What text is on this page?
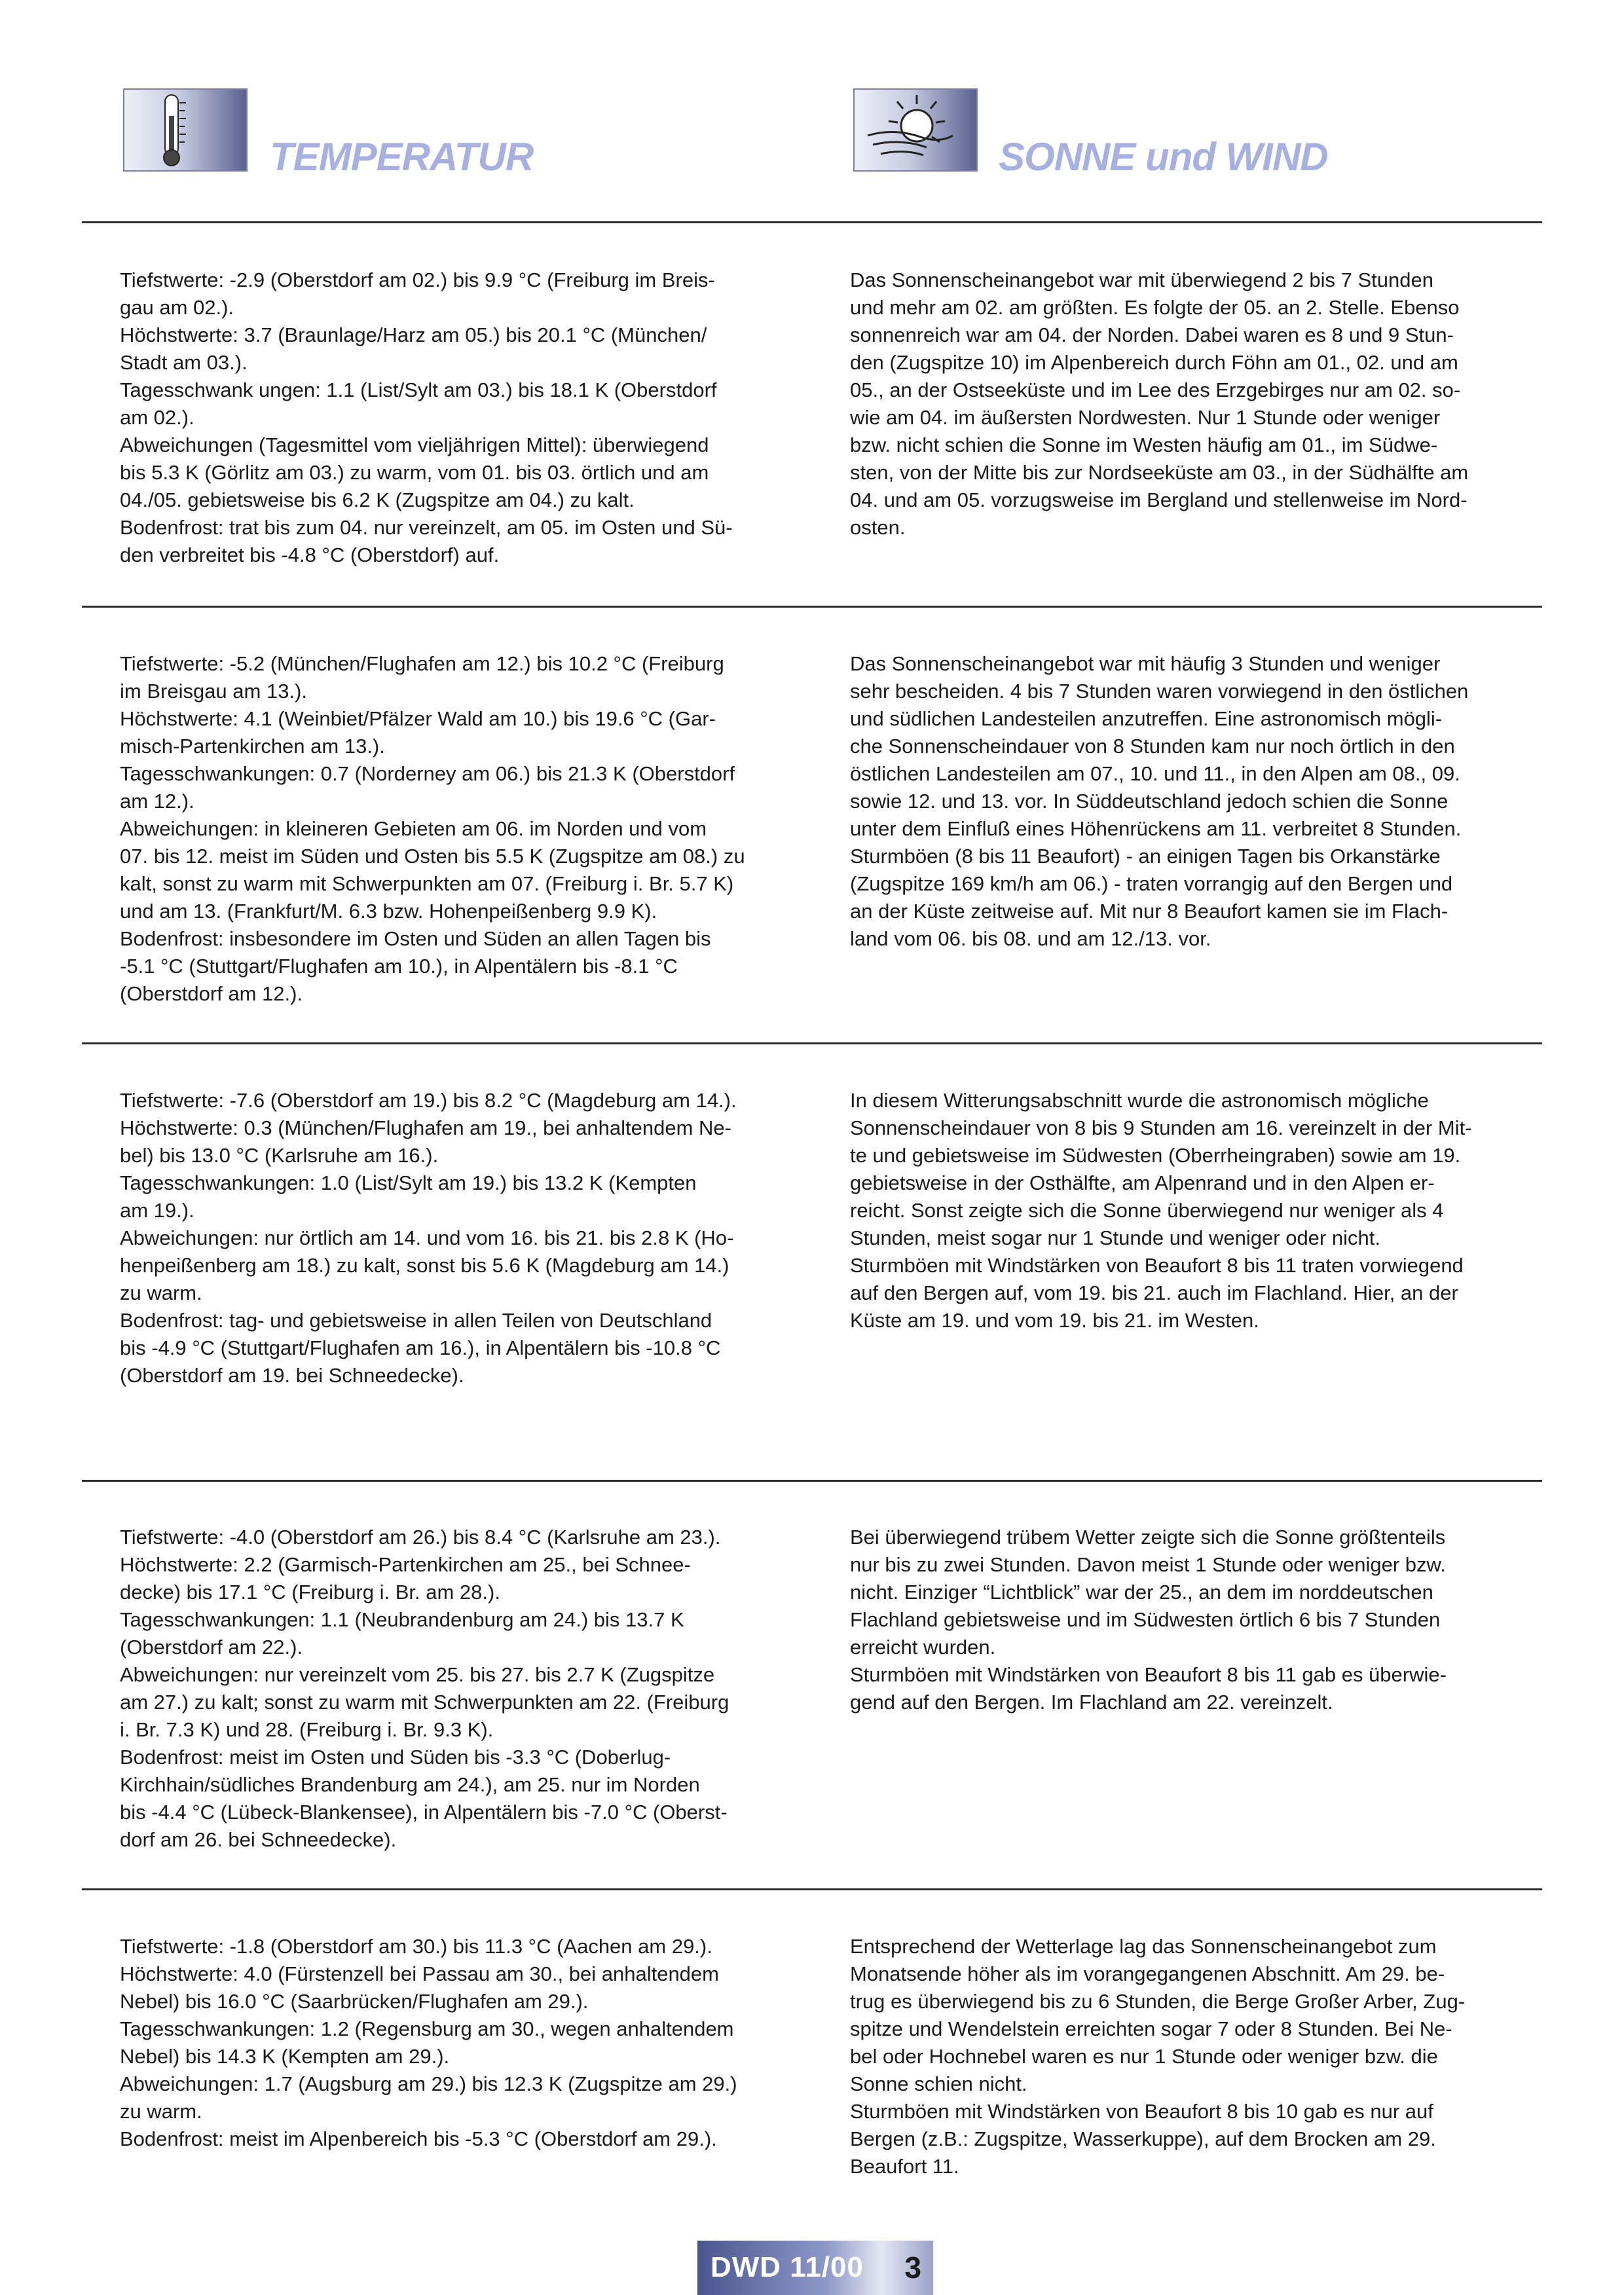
TEMPERATUR	SONNE und WIND

Tiefstwerte: -2.9 (Oberstdorf am 02.) bis 9.9 °C (Freiburg im Breis-

gau am 02.).

Höchstwerte: 3.7 (Braunlage/Harz am 05.) bis 20.1 °C (München/

Stadt am 03.).

Tagesschwank ungen: 1.1 (List/Sylt am 03.) bis 18.1 K (Oberstdorf

am 02.).

Abweichungen (Tagesmittel vom vieljährigen Mittel): überwiegend

bis 5.3 K (Görlitz am 03.) zu warm, vom 01. bis 03. örtlich und am

04./05. gebietsweise bis 6.2 K (Zugspitze am 04.) zu kalt.

Bodenfrost: trat bis zum 04. nur vereinzelt, am 05. im Osten und Sü-

den verbreitet bis -4.8 °C (Oberstdorf) auf.

Das Sonnenscheinangebot war mit überwiegend 2 bis 7 Stunden

und mehr am 02. am größten. Es folgte der 05. an 2. Stelle. Ebenso

sonnenreich war am 04. der Norden. Dabei waren es 8 und 9 Stun-

den (Zugspitze 10) im Alpenbereich durch Föhn am 01., 02. und am

05., an der Ostseeküste und im Lee des Erzgebirges nur am 02. so-

wie am 04. im äußersten Nordwesten. Nur 1 Stunde oder weniger

bzw. nicht schien die Sonne im Westen häufig am 01., im Südwe-

sten, von der Mitte bis zur Nordseeküste am 03., in der Südhälfte am

04. und am 05. vorzugsweise im Bergland und stellenweise im Nord-

osten.

Tiefstwerte: -5.2 (München/Flughafen am 12.) bis 10.2 °C (Freiburg

im Breisgau am 13.).

Höchstwerte: 4.1 (Weinbiet/Pfälzer Wald am 10.) bis 19.6 °C (Gar-

misch-Partenkirchen am 13.).

Tagesschwankungen: 0.7 (Norderney am 06.) bis 21.3 K (Oberstdorf

am 12.).

Abweichungen: in kleineren Gebieten am 06. im Norden und vom

07. bis 12. meist im Süden und Osten bis 5.5 K (Zugspitze am 08.) zu

kalt, sonst zu warm mit Schwerpunkten am 07. (Freiburg i. Br. 5.7 K)

und am 13. (Frankfurt/M. 6.3 bzw. Hohenpeißenberg 9.9 K).

Bodenfrost: insbesondere im Osten und Süden an allen Tagen bis

-5.1 °C (Stuttgart/Flughafen am 10.), in Alpentälern bis -8.1 °C

(Oberstdorf am 12.).

Das Sonnenscheinangebot war mit häufig 3 Stunden und weniger

sehr bescheiden. 4 bis 7 Stunden waren vorwiegend in den östlichen

und südlichen Landesteilen anzutreffen. Eine astronomisch mögli-

che Sonnenscheindauer von 8 Stunden kam nur noch örtlich in den

östlichen Landesteilen am 07., 10. und 11., in den Alpen am 08., 09.

sowie 12. und 13. vor. In Süddeutschland jedoch schien die Sonne

unter dem Einfluß eines Höhenrückens am 11. verbreitet 8 Stunden.

Sturmböen (8 bis 11 Beaufort) - an einigen Tagen bis Orkanstärke

(Zugspitze 169 km/h am 06.) - traten vorrangig auf den Bergen und

an der Küste zeitweise auf. Mit nur 8 Beaufort kamen sie im Flach-

land vom 06. bis 08. und am 12./13. vor.

Tiefstwerte: -7.6 (Oberstdorf am 19.) bis 8.2 °C (Magdeburg am 14.).

Höchstwerte: 0.3 (München/Flughafen am 19., bei anhaltendem Ne-

bel) bis 13.0 °C (Karlsruhe am 16.).

Tagesschwankungen: 1.0 (List/Sylt am 19.) bis 13.2 K (Kempten

am 19.).

Abweichungen: nur örtlich am 14. und vom 16. bis 21. bis 2.8 K (Ho-

henpeißenberg am 18.) zu kalt, sonst bis 5.6 K (Magdeburg am 14.)

zu warm.

Bodenfrost: tag- und gebietsweise in allen Teilen von Deutschland

bis -4.9 °C (Stuttgart/Flughafen am 16.), in Alpentälern bis -10.8 °C

(Oberstdorf am 19. bei Schneedecke).

In diesem Witterungsabschnitt wurde die astronomisch mögliche

Sonnenscheindauer von 8 bis 9 Stunden am 16. vereinzelt in der Mit-

te und gebietsweise im Südwesten (Oberrheingraben) sowie am 19.

gebietsweise in der Osthälfte, am Alpenrand und in den Alpen er-

reicht. Sonst zeigte sich die Sonne überwiegend nur weniger als 4

Stunden, meist sogar nur 1 Stunde und weniger oder nicht.

Sturmböen mit Windstärken von Beaufort 8 bis 11 traten vorwiegend

auf den Bergen auf, vom 19. bis 21. auch im Flachland. Hier, an der

Küste am 19. und vom 19. bis 21. im Westen.

Tiefstwerte: -4.0 (Oberstdorf am 26.) bis 8.4 °C (Karlsruhe am 23.).

Höchstwerte: 2.2 (Garmisch-Partenkirchen am 25., bei Schnee-

decke) bis 17.1 °C (Freiburg i. Br. am 28.).

Tagesschwankungen: 1.1 (Neubrandenburg am 24.) bis 13.7 K

(Oberstdorf am 22.).

Abweichungen: nur vereinzelt vom 25. bis 27. bis 2.7 K (Zugspitze

am 27.) zu kalt; sonst zu warm mit Schwerpunkten am 22. (Freiburg

i. Br. 7.3 K) und 28. (Freiburg i. Br. 9.3 K).

Bodenfrost: meist im Osten und Süden bis -3.3 °C (Doberlug-

Kirchhain/südliches Brandenburg am 24.), am 25. nur im Norden

bis -4.4 °C (Lübeck-Blankensee), in Alpentälern bis -7.0 °C (Oberst-

dorf am 26. bei Schneedecke).

Bei überwiegend trübem Wetter zeigte sich die Sonne größtenteils

nur bis zu zwei Stunden. Davon meist 1 Stunde oder weniger bzw.

nicht. Einziger “Lichtblick” war der 25., an dem im norddeutschen

Flachland gebietsweise und im Südwesten örtlich 6 bis 7 Stunden

erreicht wurden.

Sturmböen mit Windstärken von Beaufort 8 bis 11 gab es überwie-

gend auf den Bergen. Im Flachland am 22. vereinzelt.

Tiefstwerte: -1.8 (Oberstdorf am 30.) bis 11.3 °C (Aachen am 29.).

Höchstwerte: 4.0 (Fürstenzell bei Passau am 30., bei anhaltendem

Nebel) bis 16.0 °C (Saarbrücken/Flughafen am 29.).

Tagesschwankungen: 1.2 (Regensburg am 30., wegen anhaltendem

Nebel) bis 14.3 K (Kempten am 29.).

Abweichungen: 1.7 (Augsburg am 29.) bis 12.3 K (Zugspitze am 29.)

zu warm.

Bodenfrost: meist im Alpenbereich bis -5.3 °C (Oberstdorf am 29.).

Entsprechend der Wetterlage lag das Sonnenscheinangebot zum

Monatsende höher als im vorangegangenen Abschnitt. Am 29. be-

trug es überwiegend bis zu 6 Stunden, die Berge Großer Arber, Zug-

spitze und Wendelstein erreichten sogar 7 oder 8 Stunden. Bei Ne-

bel oder Hochnebel waren es nur 1 Stunde oder weniger bzw. die

Sonne schien nicht.

Sturmböen mit Windstärken von Beaufort 8 bis 10 gab es nur auf

Bergen (z.B.: Zugspitze, Wasserkuppe), auf dem Brocken am 29.

Beaufort 11.

DWD 11/00 3
